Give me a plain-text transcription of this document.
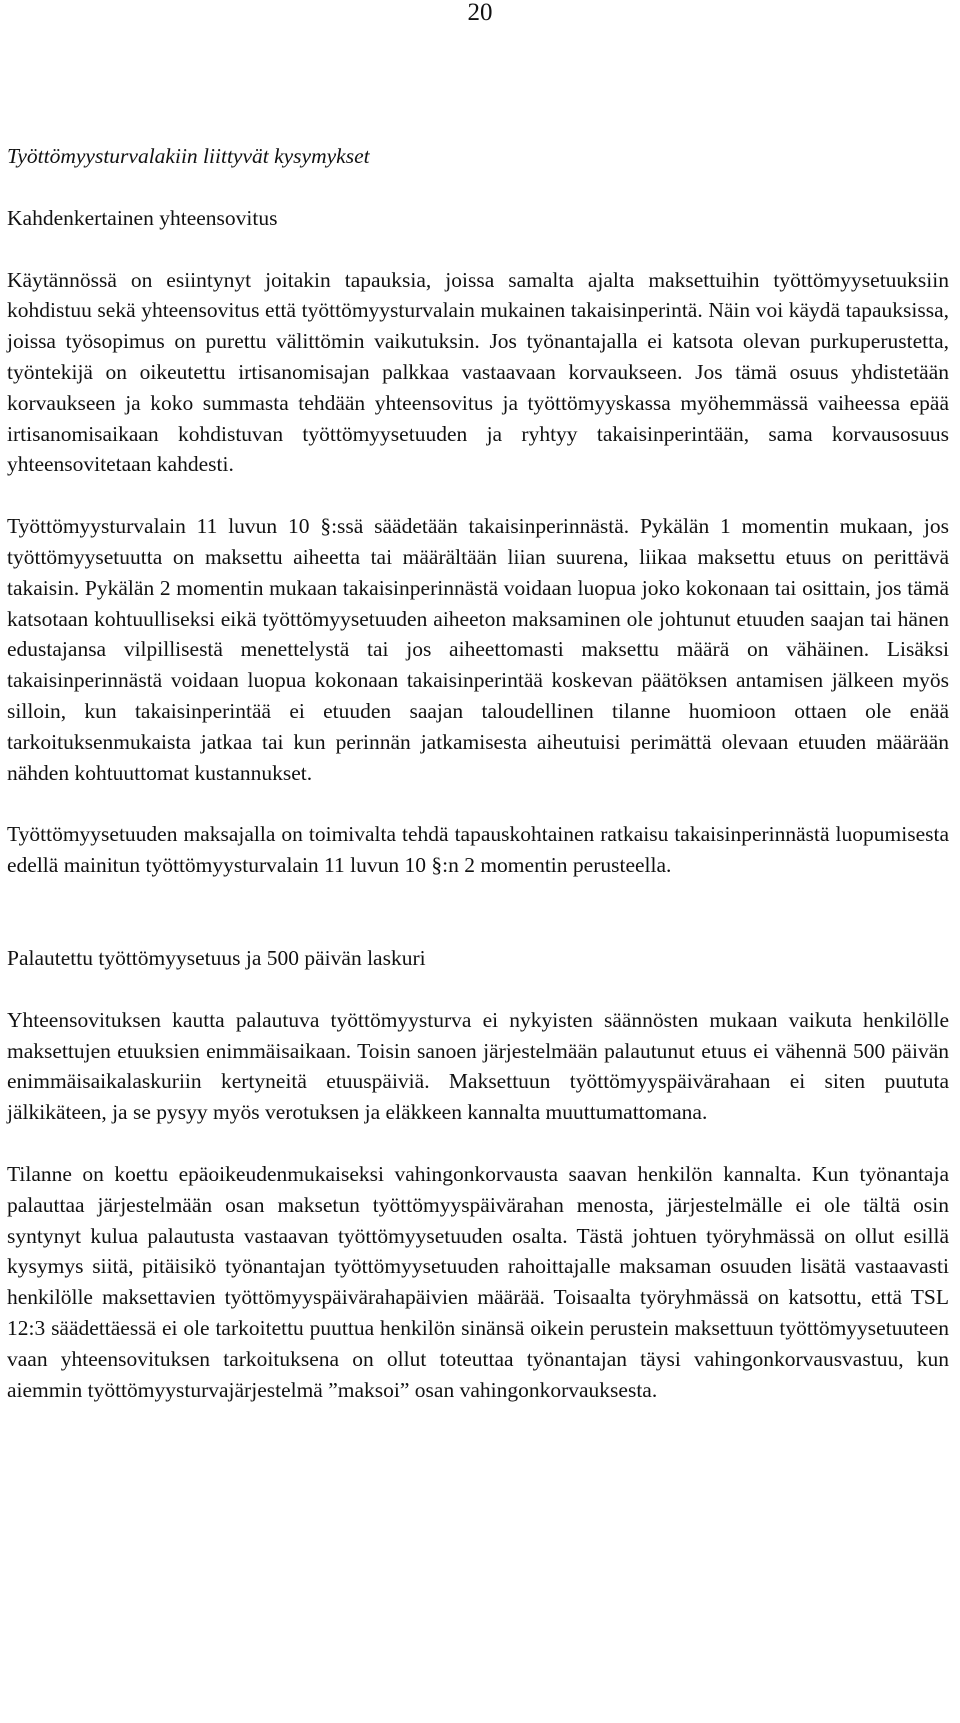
20

Työttömyysturvalakiin liittyvät kysymykset

Kahdenkertainen yhteensovitus

Käytännössä on esiintynyt joitakin tapauksia, joissa samalta ajalta maksettuihin työttömyysetuuksiin kohdistuu sekä yhteensovitus että työttömyysturvalain mukainen takaisinperintä. Näin voi käydä tapauksissa, joissa työsopimus on purettu välittömin vaikutuksin. Jos työnantajalla ei katsota olevan purkuperustetta, työntekijä on oikeutettu irtisanomisajan palkkaa vastaavaan korvaukseen. Jos tämä osuus yhdistetään korvaukseen ja koko summasta tehdään yhteensovitus ja työttömyyskassa myöhemmässä vaiheessa epää irtisanomisaikaan kohdistuvan työttömyysetuuden ja ryhtyy takaisinperintään, sama korvausosuus yhteensovitetaan kahdesti.

Työttömyysturvalain 11 luvun 10 §:ssä säädetään takaisinperinnästä. Pykälän 1 momentin mukaan, jos työttömyysetuutta on maksettu aiheetta tai määrältään liian suurena, liikaa maksettu etuus on perittävä takaisin. Pykälän 2 momentin mukaan takaisinperinnästä voidaan luopua joko kokonaan tai osittain, jos tämä katsotaan kohtuulliseksi eikä työttömyysetuuden aiheeton maksaminen ole johtunut etuuden saajan tai hänen edustajansa vilpillisestä menettelystä tai jos aiheettomasti maksettu määrä on vähäinen. Lisäksi takaisinperinnästä voidaan luopua kokonaan takaisinperintää koskevan päätöksen antamisen jälkeen myös silloin, kun takaisinperintää ei etuuden saajan taloudellinen tilanne huomioon ottaen ole enää tarkoituksenmukaista jatkaa tai kun perinnän jatkamisesta aiheutuisi perimättä olevaan etuuden määrään nähden kohtuuttomat kustannukset.

Työttömyysetuuden maksajalla on toimivalta tehdä tapauskohtainen ratkaisu takaisinperinnästä luopumisesta edellä mainitun työttömyysturvalain 11 luvun 10 §:n 2 momentin perusteella.

Palautettu työttömyysetuus ja 500 päivän laskuri

Yhteensovituksen kautta palautuva työttömyysturva ei nykyisten säännösten mukaan vaikuta henkilölle maksettujen etuuksien enimmäisaikaan. Toisin sanoen järjestelmään palautunut etuus ei vähennä 500 päivän enimmäisaikalaskuriin kertyneitä etuuspäiviä. Maksettuun työttömyyspäivärahaan ei siten puututa jälkikäteen, ja se pysyy myös verotuksen ja eläkkeen kannalta muuttumattomana.

Tilanne on koettu epäoikeudenmukaiseksi vahingonkorvausta saavan henkilön kannalta. Kun työnantaja palauttaa järjestelmään osan maksetun työttömyyspäivärahan menosta, järjestelmälle ei ole tältä osin syntynyt kulua palautusta vastaavan työttömyysetuuden osalta. Tästä johtuen työryhmässä on ollut esillä kysymys siitä, pitäisikö työnantajan työttömyysetuuden rahoittajalle maksaman osuuden lisätä vastaavasti henkilölle maksettavien työttömyyspäivärahapäivien määrää. Toisaalta työryhmässä on katsottu, että TSL 12:3 säädettäessä ei ole tarkoitettu puuttua henkilön sinänsä oikein perustein maksettuun työttömyysetuuteen vaan yhteensovituksen tarkoituksena on ollut toteuttaa työnantajan täysi vahingonkorvausvastuu, kun aiemmin työttömyysturvajärjestelmä ”maksoi” osan vahingonkorvauksesta.
